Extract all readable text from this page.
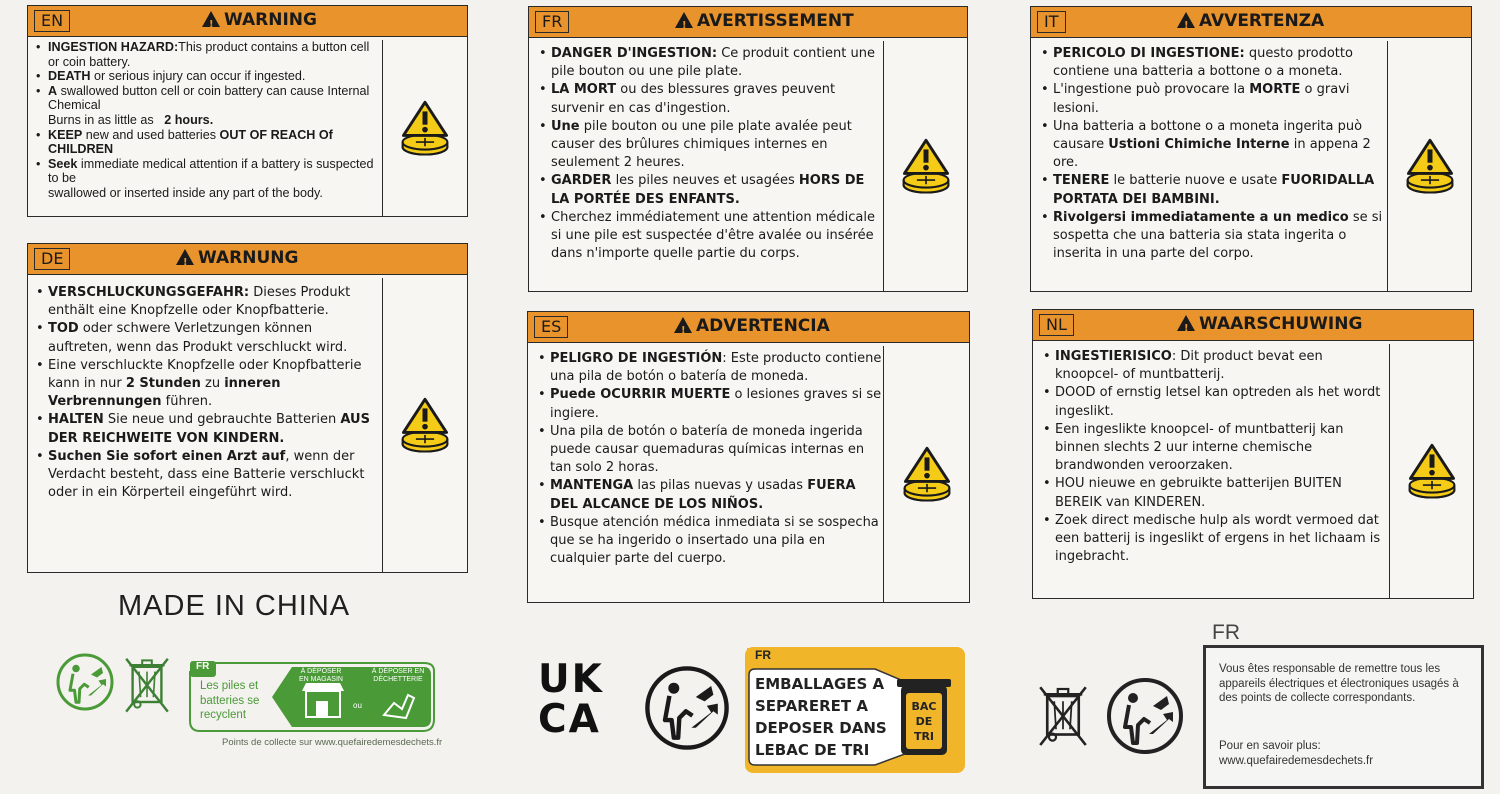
EN !	WARNING
• INGESTION HAZARD:This product contains a button cell or coin battery.
• DEATH or serious injury can occur if ingested.
• A swallowed button cell or coin battery can cause Internal Chemical
Burns in as little as 2 hours.
• KEEP new and used batteries OUT OF REACH Of CHILDREN
• Seek immediate medical attention if a battery is suspected to be
swallowed or inserted inside any part of the body.
DE !	WARNUNG
• VERSCHLUCKUNGSGEFAHR: Dieses Produkt enthält eine Knopfzelle oder Knopfbatterie.
• TOD oder schwere Verletzungen können auftreten, wenn das Produkt verschluckt wird.
• Eine verschluckte Knopfzelle oder Knopfbatterie kann in nur 2 Stunden zu inneren Verbrennungen führen.
• HALTEN Sie neue und gebrauchte Batterien AUS DER REICHWEITE VON KINDERN.
• Suchen Sie sofort einen Arzt auf, wenn der Verdacht besteht, dass eine Batterie verschluckt oder in ein Körperteil eingeführt wird.
FR !	AVERTISSEMENT
• DANGER D'INGESTION: Ce produit contient une pile bouton ou une pile plate.
• LA MORT ou des blessures graves peuvent survenir en cas d'ingestion.
• Une pile bouton ou une pile plate avalée peut causer des brûlures chimiques internes en seulement 2 heures.
• GARDER les piles neuves et usagées HORS DE LA PORTÉE DES ENFANTS.
• Cherchez immédiatement une attention médicale si une pile est suspectée d'être avalée ou insérée dans n'importe quelle partie du corps.
ES !	ADVERTENCIA
• PELIGRO DE INGESTIÓN: Este producto contiene una pila de botón o batería de moneda.
• Puede OCURRIR MUERTE o lesiones graves si se ingiere.
• Una pila de botón o batería de moneda ingerida puede causar quemaduras químicas internas en tan solo 2 horas.
• MANTENGA las pilas nuevas y usadas FUERA DEL ALCANCE DE LOS NIÑOS.
• Busque atención médica inmediata si se sospecha que se ha ingerido o insertado una pila en cualquier parte del cuerpo.
IT !	AVVERTENZA
• PERICOLO DI INGESTIONE: questo prodotto contiene una batteria a bottone o a moneta.
• L'ingestione può provocare la MORTE o gravi lesioni.
• Una batteria a bottone o a moneta ingerita può causare Ustioni Chimiche Interne in appena 2 ore.
• TENERE le batterie nuove e usate FUORIDALLA PORTATA DEI BAMBINI.
• Rivolgersi immediatamente a un medico se si sospetta che una batteria sia stata ingerita o inserita in una parte del corpo.
NL !	WAARSCHUWING
• INGESTIERISICO: Dit product bevat een knoopcel- of muntbatterij.
• DOOD of ernstig letsel kan optreden als het wordt ingeslikt.
• Een ingeslikte knoopcel- of muntbatterij kan binnen slechts 2 uur interne chemische brandwonden veroorzaken.
• HOU nieuwe en gebruikte batterijen BUITEN BEREIK van KINDEREN.
• Zoek direct medische hulp als wordt vermoed dat een batterij is ingeslikt of ergens in het lichaam is ingebracht.
MADE IN CHINA
FR
Les piles et batteries se recyclent
À DÉPOSER EN MAGASIN
ou
À DÉPOSER EN DÉCHETTERIE
Points de collecte sur www.quefairedemesdechets.fr
UK
CA
FR
EMBALLAGES A SEPARERET A DEPOSER DANS LEBAC DE TRI
BAC DE TRI
FR
Vous êtes responsable de remettre tous les appareils électriques et électroniques usagés à des points de collecte correspondants.
Pour en savoir plus:
www.quefairedemesdechets.fr
